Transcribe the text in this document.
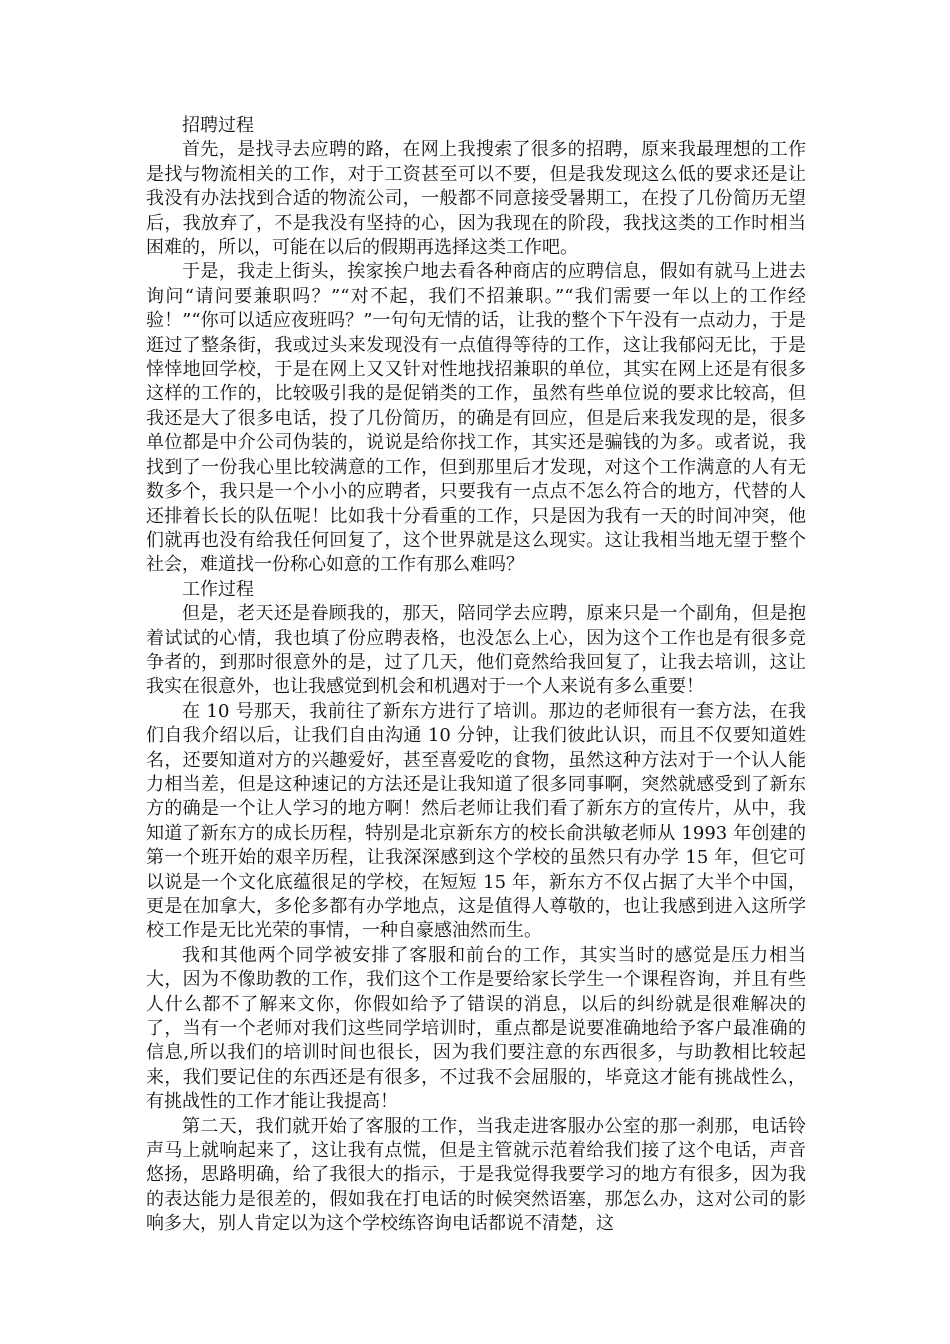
招聘过程

首先，是找寻去应聘的路，在网上我搜索了很多的招聘，原来我最理想的工作是找与物流相关的工作，对于工资甚至可以不要，但是我发现这么低的要求还是让我没有办法找到合适的物流公司，一般都不同意接受暑期工，在投了几份简历无望后，我放弃了，不是我没有坚持的心，因为我现在的阶段，我找这类的工作时相当困难的，所以，可能在以后的假期再选择这类工作吧。

于是，我走上街头，挨家挨户地去看各种商店的应聘信息，假如有就马上进去询问“请问要兼职吗？”“对不起，我们不招兼职。”“我们需要一年以上的工作经验！”“你可以适应夜班吗？”一句句无情的话，让我的整个下午没有一点动力，于是逛过了整条街，我或过头来发现没有一点值得等待的工作，这让我郁闷无比，于是悻悻地回学校，于是在网上又又针对性地找招兼职的单位，其实在网上还是有很多这样的工作的，比较吸引我的是促销类的工作，虽然有些单位说的要求比较高，但我还是大了很多电话，投了几份简历，的确是有回应，但是后来我发现的是，很多单位都是中介公司伪装的，说说是给你找工作，其实还是骗钱的为多。或者说，我找到了一份我心里比较满意的工作，但到那里后才发现，对这个工作满意的人有无数多个，我只是一个小小的应聘者，只要我有一点点不怎么符合的地方，代替的人还排着长长的队伍呢！比如我十分看重的工作，只是因为我有一天的时间冲突，他们就再也没有给我任何回复了，这个世界就是这么现实。这让我相当地无望于整个社会，难道找一份称心如意的工作有那么难吗？

工作过程

但是，老天还是眷顾我的，那天，陪同学去应聘，原来只是一个副角，但是抱着试试的心情，我也填了份应聘表格，也没怎么上心，因为这个工作也是有很多竞争者的，到那时很意外的是，过了几天，他们竟然给我回复了，让我去培训，这让我实在很意外，也让我感觉到机会和机遇对于一个人来说有多么重要！

在 10 号那天，我前往了新东方进行了培训。那边的老师很有一套方法，在我们自我介绍以后，让我们自由沟通 10 分钟，让我们彼此认识，而且不仅要知道姓名，还要知道对方的兴趣爱好，甚至喜爱吃的食物，虽然这种方法对于一个认人能力相当差，但是这种速记的方法还是让我知道了很多同事啊，突然就感受到了新东方的确是一个让人学习的地方啊！然后老师让我们看了新东方的宣传片，从中，我知道了新东方的成长历程，特别是北京新东方的校长俞洪敏老师从 1993 年创建的第一个班开始的艰辛历程，让我深深感到这个学校的虽然只有办学 15 年，但它可以说是一个文化底蕴很足的学校，在短短 15 年，新东方不仅占据了大半个中国，更是在加拿大，多伦多都有办学地点，这是值得人尊敬的，也让我感到进入这所学校工作是无比光荣的事情，一种自豪感油然而生。

我和其他两个同学被安排了客服和前台的工作，其实当时的感觉是压力相当大，因为不像助教的工作，我们这个工作是要给家长学生一个课程咨询，并且有些人什么都不了解来文你，你假如给予了错误的消息，以后的纠纷就是很难解决的了，当有一个老师对我们这些同学培训时，重点都是说要准确地给予客户最准确的信息,所以我们的培训时间也很长，因为我们要注意的东西很多，与助教相比较起来，我们要记住的东西还是有很多，不过我不会屈服的，毕竟这才能有挑战性么，有挑战性的工作才能让我提高！

第二天，我们就开始了客服的工作，当我走进客服办公室的那一刹那，电话铃声马上就响起来了，这让我有点慌，但是主管就示范着给我们接了这个电话，声音悠扬，思路明确，给了我很大的指示，于是我觉得我要学习的地方有很多，因为我的表达能力是很差的，假如我在打电话的时候突然语塞，那怎么办，这对公司的影响多大，别人肯定以为这个学校练咨询电话都说不清楚，这
